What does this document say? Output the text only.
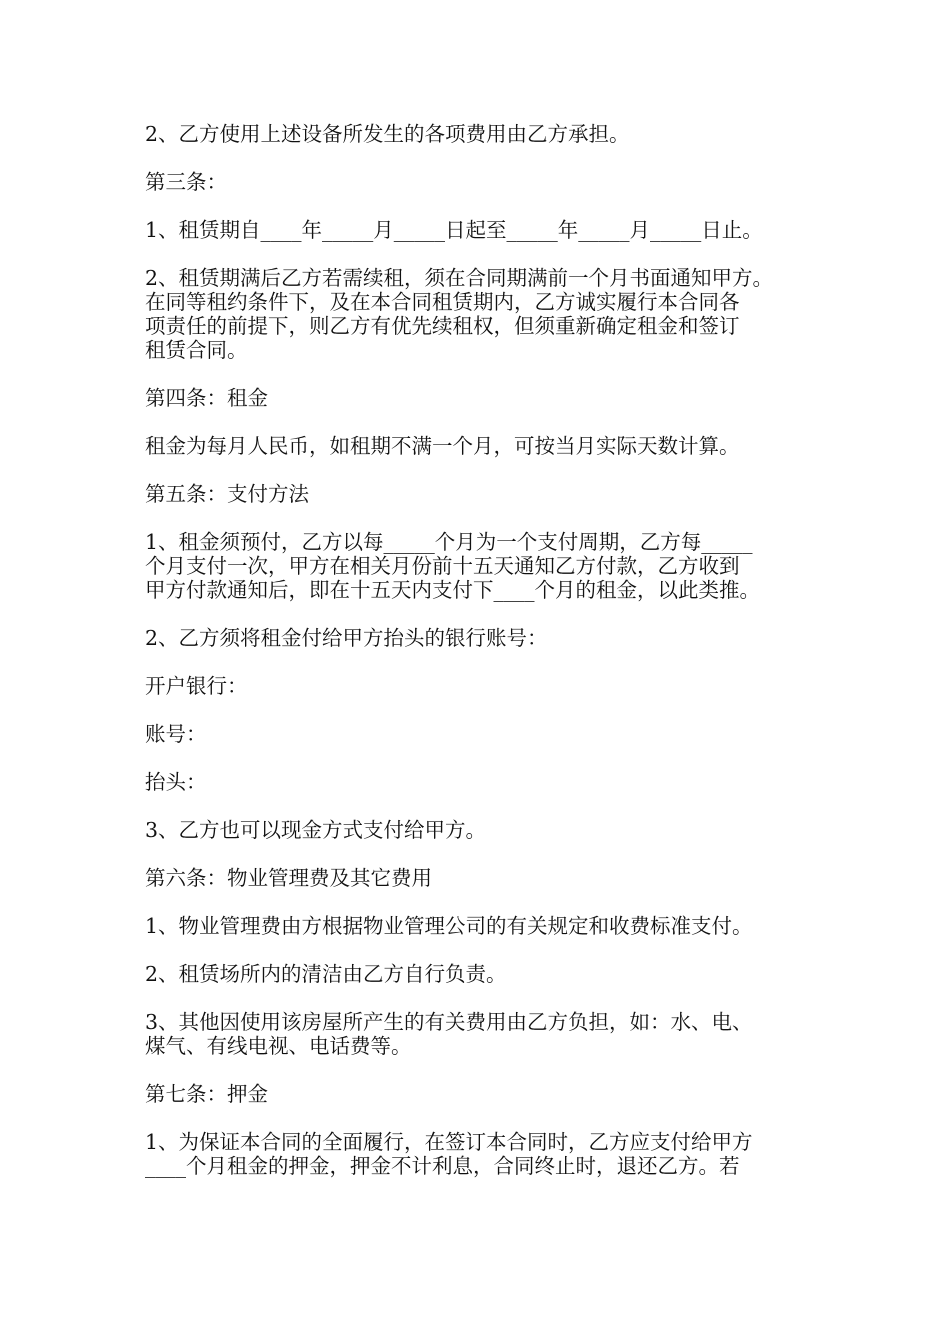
2、乙方使用上述设备所发生的各项费用由乙方承担。

第三条：

1、租赁期自____年_____月_____日起至_____年_____月_____日止。

2、租赁期满后乙方若需续租，须在合同期满前一个月书面通知甲方。
在同等租约条件下，及在本合同租赁期内，乙方诚实履行本合同各
项责任的前提下，则乙方有优先续租权，但须重新确定租金和签订
租赁合同。

第四条：租金

租金为每月人民币，如租期不满一个月，可按当月实际天数计算。

第五条：支付方法

1、租金须预付，乙方以每_____个月为一个支付周期，乙方每_____
个月支付一次，甲方在相关月份前十五天通知乙方付款，乙方收到
甲方付款通知后，即在十五天内支付下____个月的租金，以此类推。

2、乙方须将租金付给甲方抬头的银行账号：

开户银行：

账号：

抬头：

3、乙方也可以现金方式支付给甲方。

第六条：物业管理费及其它费用

1、物业管理费由方根据物业管理公司的有关规定和收费标准支付。

2、租赁场所内的清洁由乙方自行负责。

3、其他因使用该房屋所产生的有关费用由乙方负担，如：水、电、
煤气、有线电视、电话费等。

第七条：押金

1、为保证本合同的全面履行，在签订本合同时，乙方应支付给甲方
____个月租金的押金，押金不计利息，合同终止时，退还乙方。若
